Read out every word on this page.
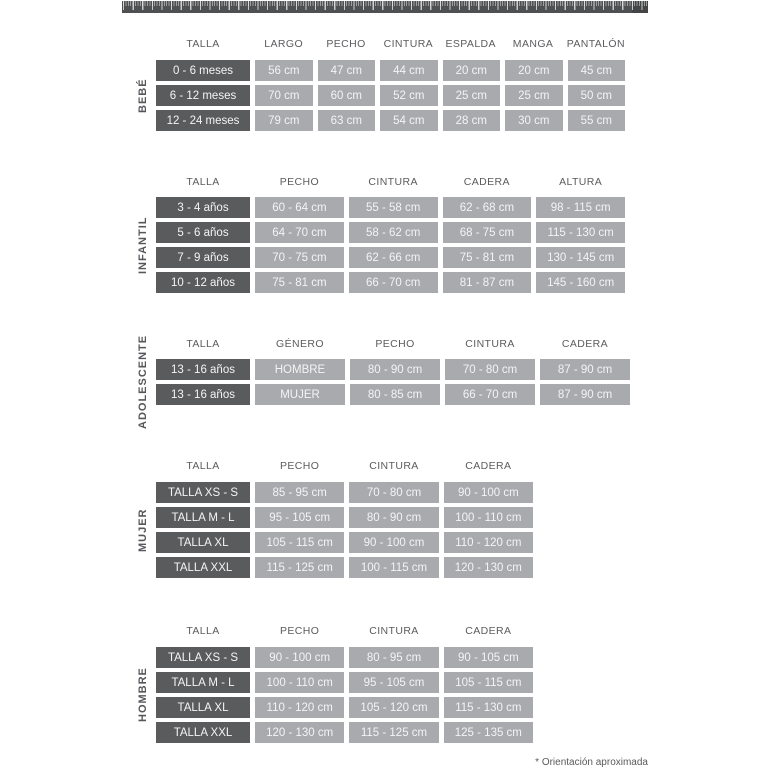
BEBÉ
TALLA	LARGO	PECHO	CINTURA	ESPALDA	MANGA	PANTALÓN
0 - 6 meses	56 cm	47 cm	44 cm	20 cm	20 cm	45 cm
6 - 12 meses	70 cm	60 cm	52 cm	25 cm	25 cm	50 cm
12 - 24 meses	79 cm	63 cm	54 cm	28 cm	30 cm	55 cm
INFANTIL
TALLA	PECHO	CINTURA	CADERA	ALTURA
3 - 4 años	60 - 64 cm	55 - 58 cm	62 - 68 cm	98 - 115 cm
5 - 6 años	64 - 70 cm	58 - 62 cm	68 - 75 cm	115 - 130 cm
7 - 9 años	70 - 75 cm	62 - 66 cm	75 - 81 cm	130 - 145 cm
10 - 12 años	75 - 81 cm	66 - 70 cm	81 - 87 cm	145 - 160 cm
ADOLESCENTE	TALLA	GÉNERO	PECHO	CINTURA	CADERA
13 - 16 años	HOMBRE	80 - 90 cm	70 - 80 cm	87 - 90 cm
13 - 16 años	MUJER	80 - 85 cm	66 - 70 cm	87 - 90 cm
MUJER
TALLA	PECHO	CINTURA	CADERA
TALLA XS - S	85 - 95 cm	70 - 80 cm	90 - 100 cm
TALLA M - L	95 - 105 cm	80 - 90 cm	100 - 110 cm
TALLA XL	105 - 115 cm	90 - 100 cm	110 - 120 cm
TALLA XXL	115 - 125 cm	100 - 115 cm	120 - 130 cm
HOMBRE
TALLA	PECHO	CINTURA	CADERA
TALLA XS - S	90 - 100 cm	80 - 95 cm	90 - 105 cm
TALLA M - L	100 - 110 cm	95 - 105 cm	105 - 115 cm
TALLA XL	110 - 120 cm	105 - 120 cm	115 - 130 cm
TALLA XXL	120 - 130 cm	115 - 125 cm	125 - 135 cm
* Orientación aproximada
